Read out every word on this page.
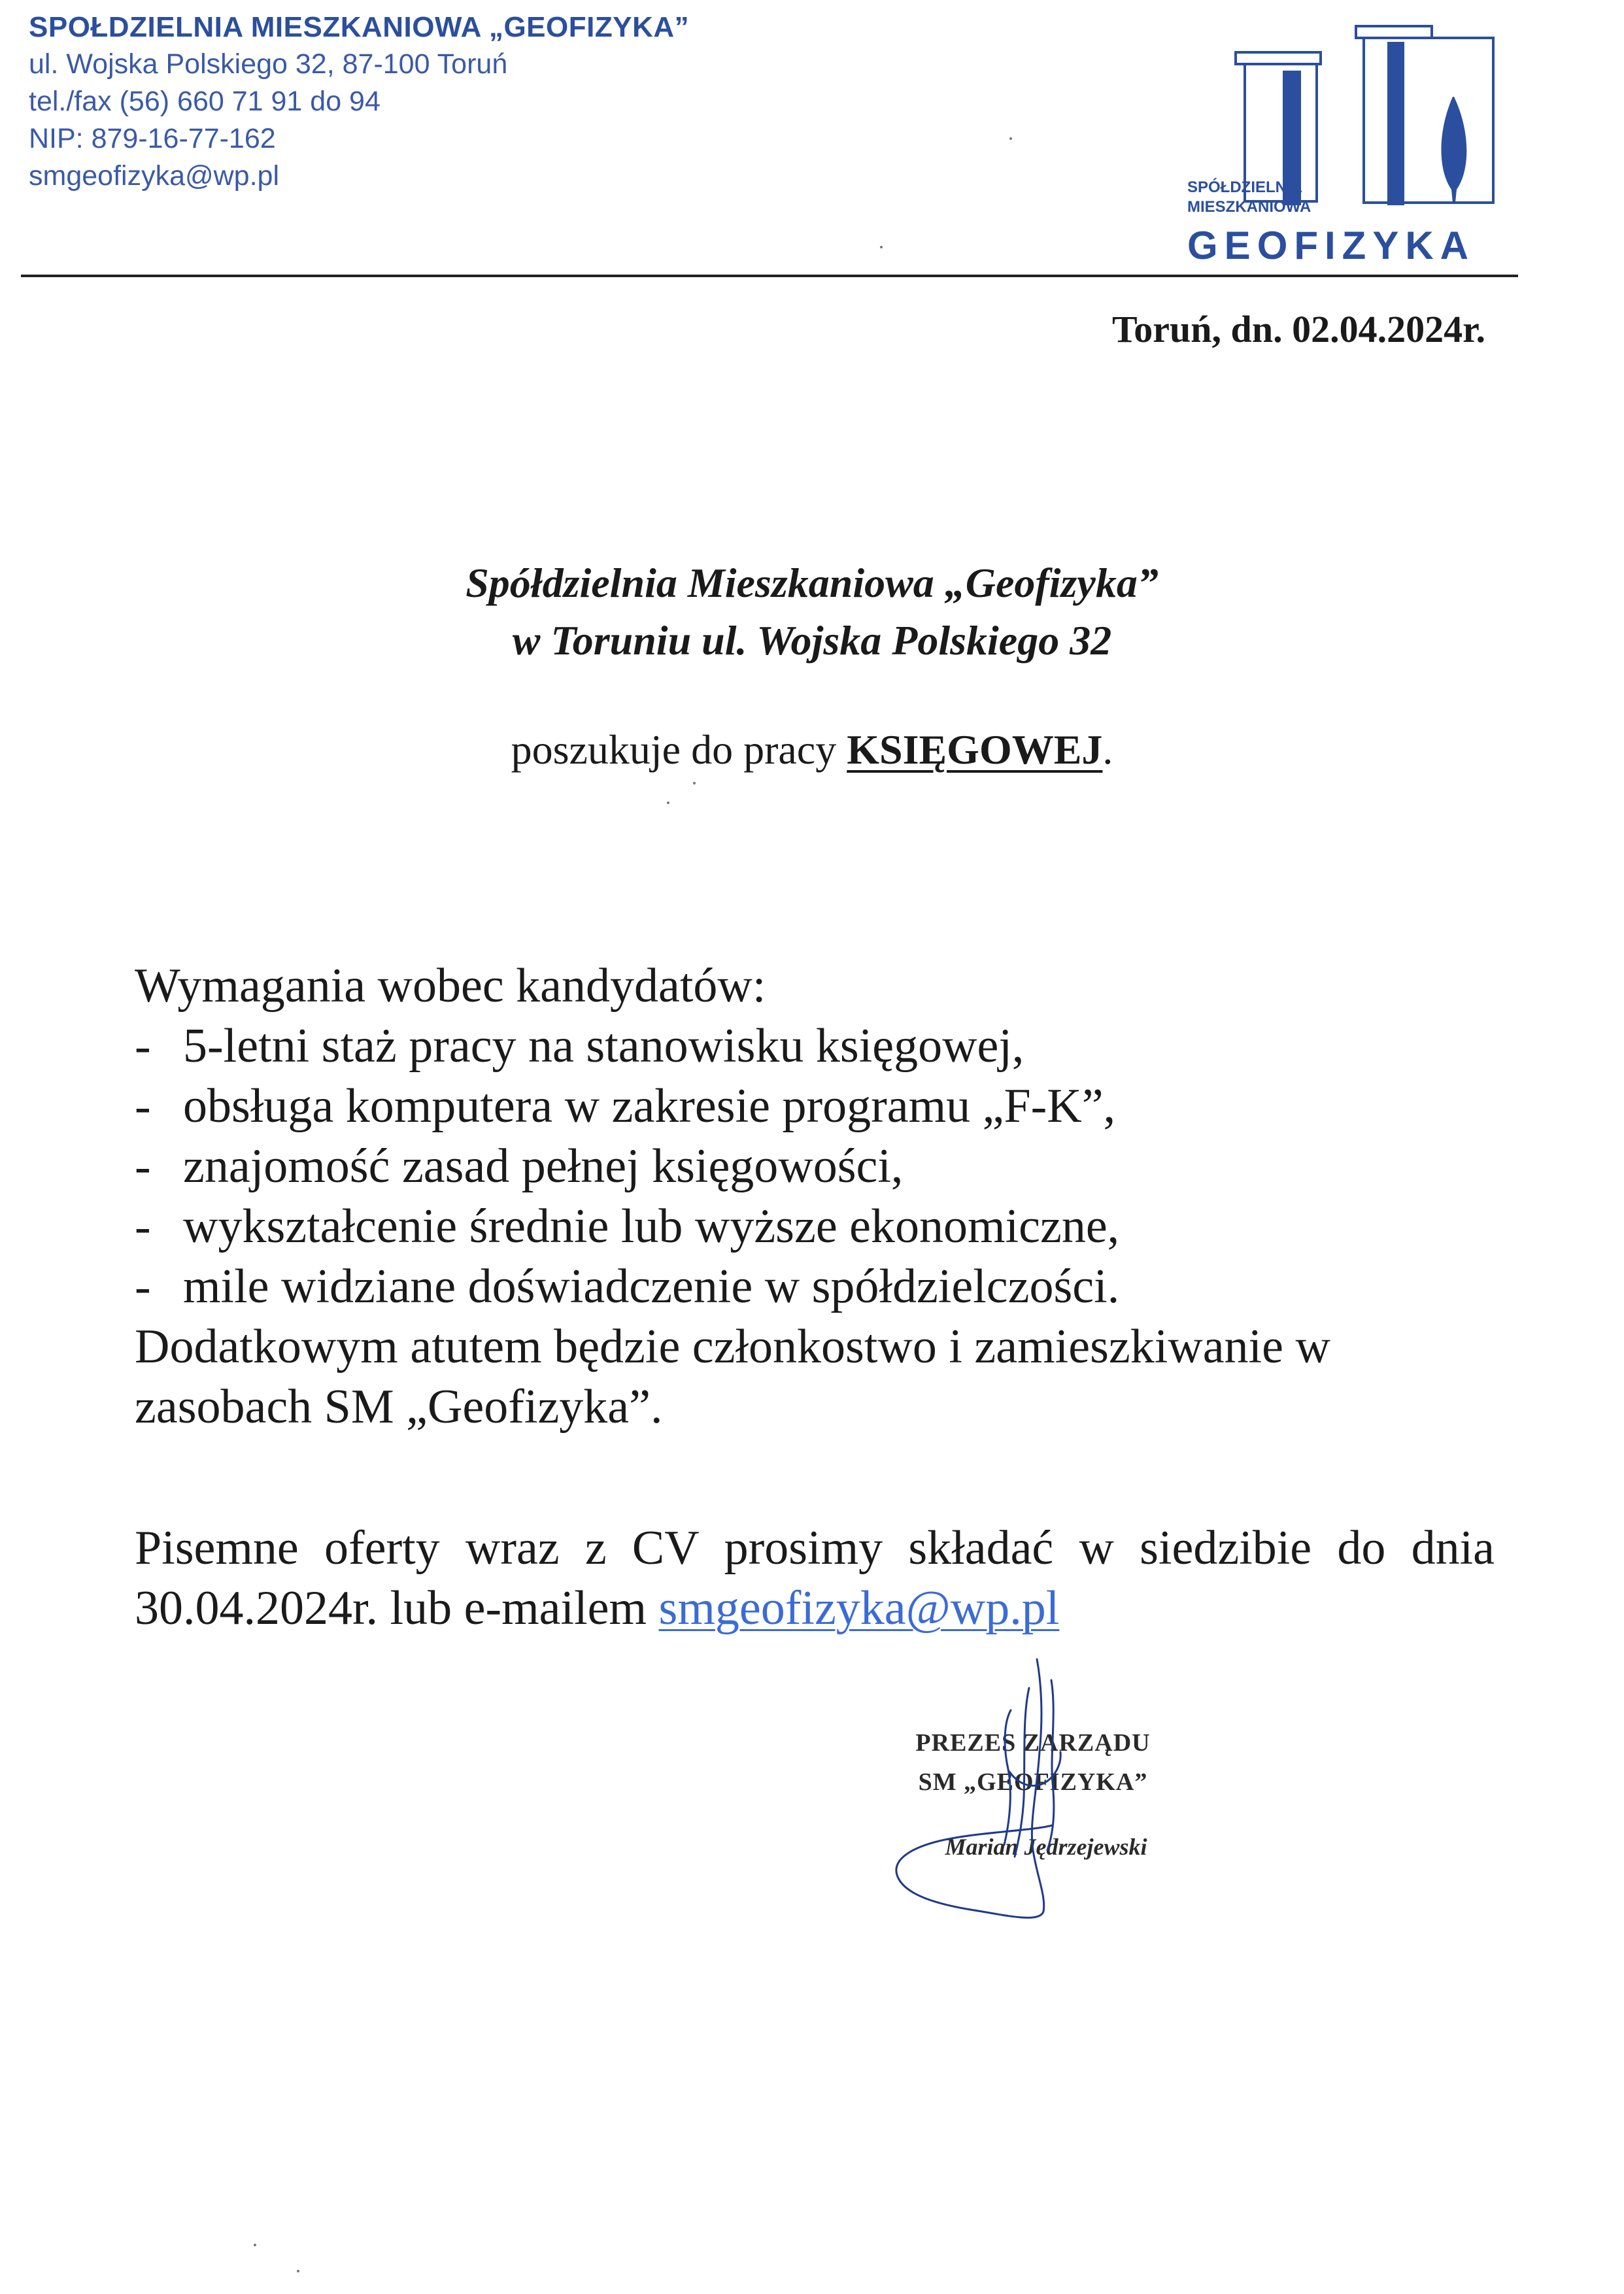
SPOŁDZIELNIA MIESZKANIOWA „GEOFIZYKA”
ul. Wojska Polskiego 32, 87-100 Toruń
tel./fax (56) 660 71 91 do 94
NIP: 879-16-77-162
smgeofizyka@wp.pl	SPÓŁDZIELNIA
MIESZKANIOWA
GEOFIZYKA
Toruń, dn. 02.04.2024r.
Spółdzielnia Mieszkaniowa „Geofizyka”
w Toruniu ul. Wojska Polskiego 32
poszukuje do pracy KSIĘGOWEJ.
Wymagania wobec kandydatów:
- 5-letni staż pracy na stanowisku księgowej,
- obsługa komputera w zakresie programu „F-K”,
- znajomość zasad pełnej księgowości,
- wykształcenie średnie lub wyższe ekonomiczne,
- mile widziane doświadczenie w spółdzielczości.
Dodatkowym atutem będzie członkostwo i zamieszkiwanie w zasobach SM „Geofizyka”.
Pisemne oferty wraz z CV prosimy składać w siedzibie do dnia 30.04.2024r. lub e-mailem smgeofizyka@wp.pl
PREZES ZARZĄDU
SM „GEOFIZYKA”
Marian Jędrzejewski
